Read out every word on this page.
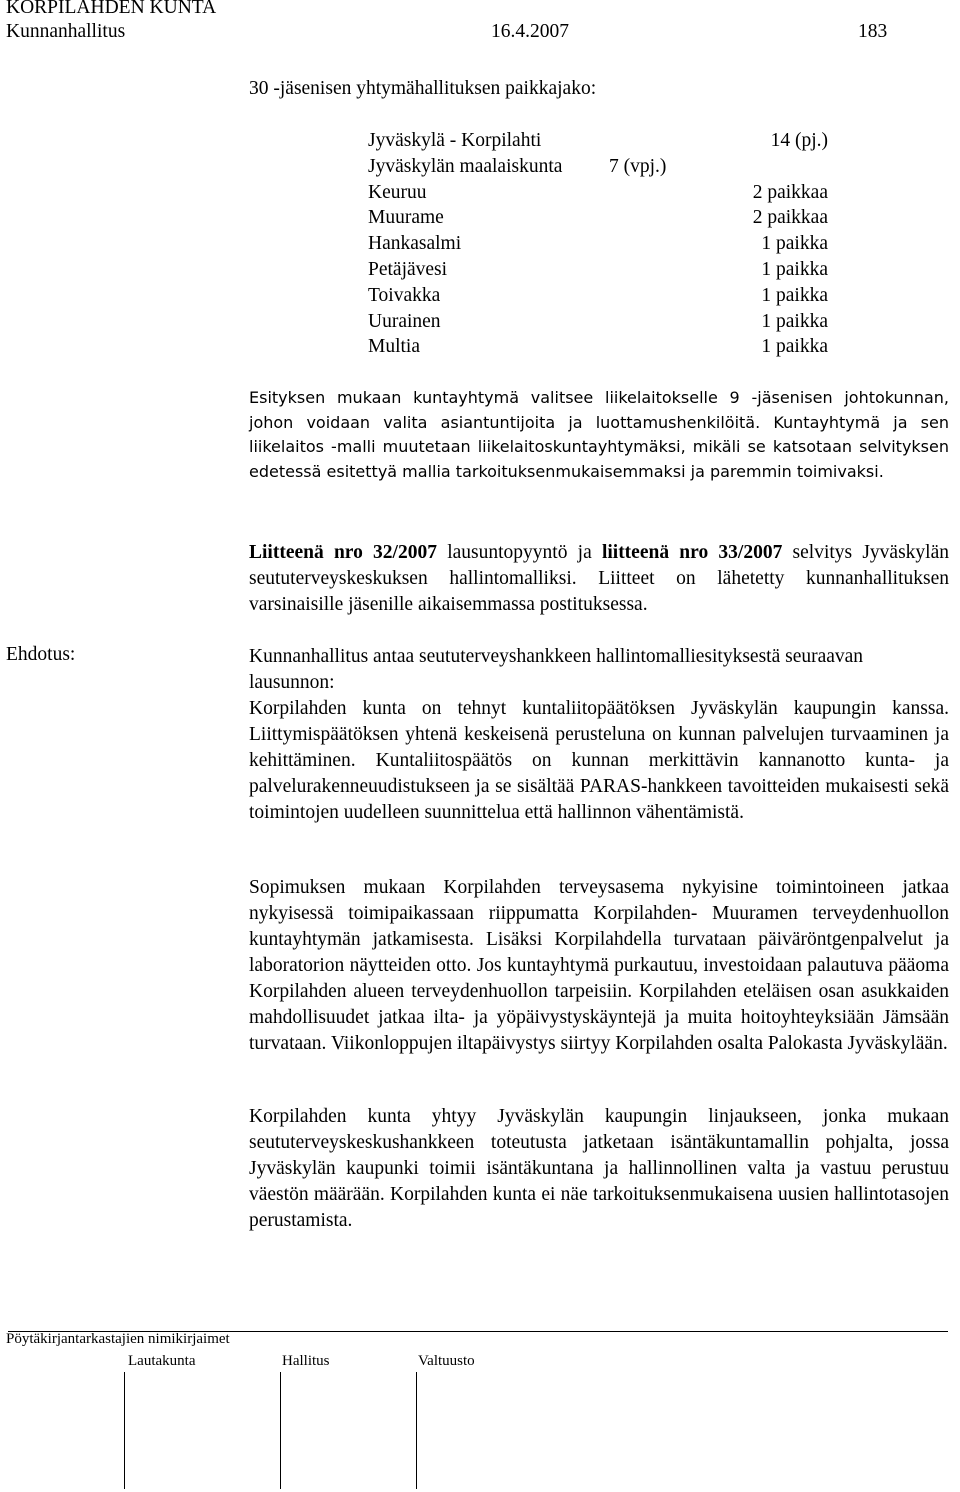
KORPILAHDEN KUNTA
Kunnanhallitus	16.4.2007	183
30 -jäsenisen yhtymähallituksen paikkajako:
Jyväskylä - Korpilahti	14 (pj.)
Jyväskylän maalaiskunta 7 (vpj.)
Keuruu	2 paikkaa
Muurame	2 paikkaa
Hankasalmi	1 paikka
Petäjävesi	1 paikka
Toivakka	1 paikka
Uurainen	1 paikka
Multia	1 paikka
Esityksen mukaan kuntayhtymä valitsee liikelaitokselle 9 -jäsenisen johtokunnan, johon voidaan valita asiantuntijoita ja luottamushenkilöitä. Kuntayhtymä ja sen liikelaitos -malli muutetaan liikelaitoskuntayhtymäksi, mikäli se katsotaan selvityksen edetessä esitettyä mallia tarkoituksenmukaisemmaksi ja paremmin toimivaksi.
Liitteenä nro 32/2007 lausuntopyyntö ja liitteenä nro 33/2007 selvitys Jyväskylän seututerveyskeskuksen hallintomalliksi. Liitteet on lähetetty kunnanhallituksen varsinaisille jäsenille aikaisemmassa postituksessa.
Ehdotus:	Kunnanhallitus antaa seututerveyshankkeen hallintomalliesityksestä seuraavan lausunnon:
Korpilahden kunta on tehnyt kuntaliitopäätöksen Jyväskylän kaupungin kanssa. Liittymispäätöksen yhtenä keskeisenä perusteluna on kunnan palvelujen turvaaminen ja kehittäminen. Kuntaliitospäätös on kunnan merkittävin kannanotto kunta- ja palvelurakenneuudistukseen ja se sisältää PARAS-hankkeen tavoitteiden mukaisesti sekä toimintojen uudelleen suunnittelua että hallinnon vähentämistä.
Sopimuksen mukaan Korpilahden terveysasema nykyisine toimintoineen jatkaa nykyisessä toimipaikassaan riippumatta Korpilahden- Muuramen terveydenhuollon kuntayhtymän jatkamisesta. Lisäksi Korpilahdella turvataan päiväröntgenpalvelut ja laboratorion näytteiden otto. Jos kuntayhtymä purkautuu, investoidaan palautuva pääoma Korpilahden alueen terveydenhuollon tarpeisiin. Korpilahden eteläisen osan asukkaiden mahdollisuudet jatkaa ilta- ja yöpäivystyskäyntejä ja muita hoitoyhteyksiään Jämsään turvataan. Viikonloppujen iltapäivystys siirtyy Korpilahden osalta Palokasta Jyväskylään.
Korpilahden kunta yhtyy Jyväskylän kaupungin linjaukseen, jonka mukaan seututerveyskeskushankkeen toteutusta jatketaan isäntäkuntamallin pohjalta, jossa Jyväskylän kaupunki toimii isäntäkuntana ja hallinnollinen valta ja vastuu perustuu väestön määrään. Korpilahden kunta ei näe tarkoituksenmukaisena uusien hallintotasojen perustamista.
Pöytäkirjantarkastajien nimikirjaimet
Lautakunta	Hallitus	Valtuusto
